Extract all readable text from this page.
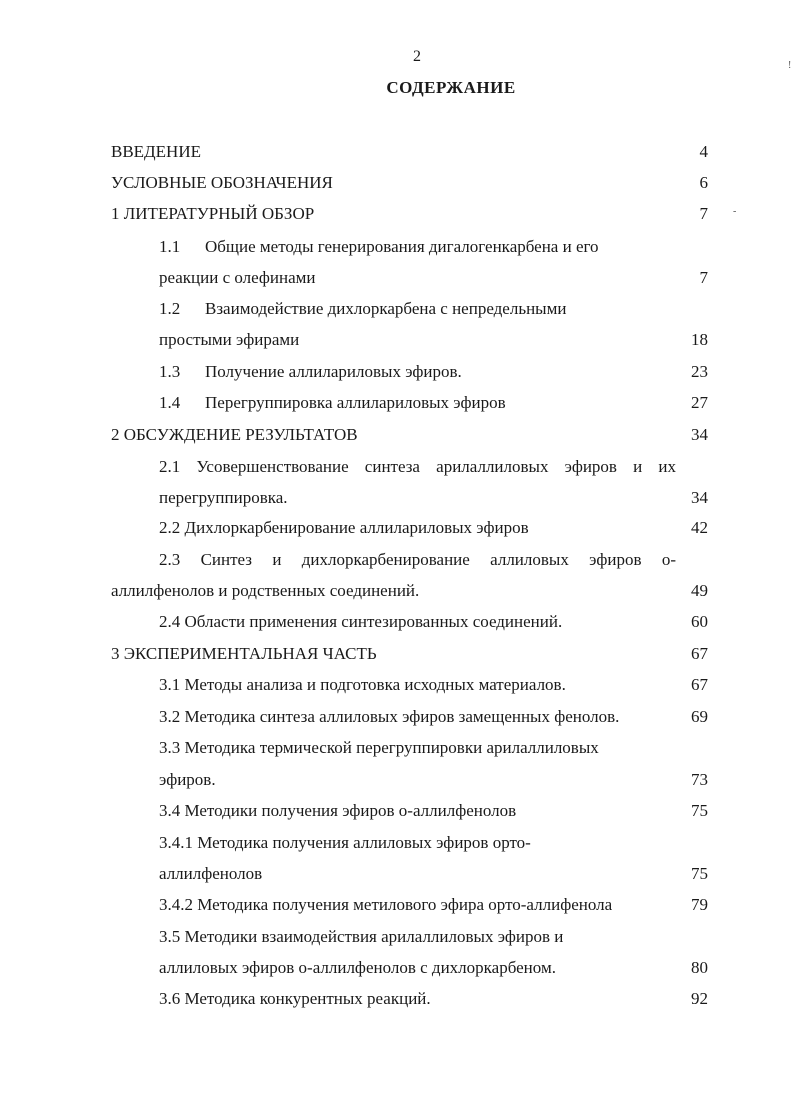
2
СОДЕРЖАНИЕ
!
-
ВВЕДЕНИЕ	4
УСЛОВНЫЕ ОБОЗНАЧЕНИЯ	6
1 ЛИТЕРАТУРНЫЙ ОБЗОР	7
1.1 Общие методы генерирования дигалогенкарбена и его
реакции с олефинами	7
1.2 Взаимодействие дихлоркарбена с непредельными
простыми эфирами	18
1.3 Получение аллилариловых эфиров.	23
1.4 Перегруппировка аллилариловых эфиров	27
2 ОБСУЖДЕНИЕ РЕЗУЛЬТАТОВ	34
2.1 Усовершенствование синтеза арилаллиловых эфиров и их
перегруппировка.	34
2.2 Дихлоркарбенирование аллилариловых эфиров	42
2.3 Синтез и дихлоркарбенирование аллиловых эфиров о-
аллилфенолов и родственных соединений.	49
2.4 Области применения синтезированных соединений.	60
3 ЭКСПЕРИМЕНТАЛЬНАЯ ЧАСТЬ	67
3.1 Методы анализа и подготовка исходных материалов.	67
3.2 Методика синтеза аллиловых эфиров замещенных фенолов.	69
3.3 Методика термической перегруппировки арилаллиловых
эфиров.	73
3.4 Методики получения эфиров о-аллилфенолов	75
3.4.1 Методика получения аллиловых эфиров орто-
аллилфенолов	75
3.4.2 Методика получения метилового эфира орто-аллифенола	79
3.5 Методики взаимодействия арилаллиловых эфиров и
аллиловых эфиров о-аллилфенолов с дихлоркарбеном.	80
3.6 Методика конкурентных реакций.	92
